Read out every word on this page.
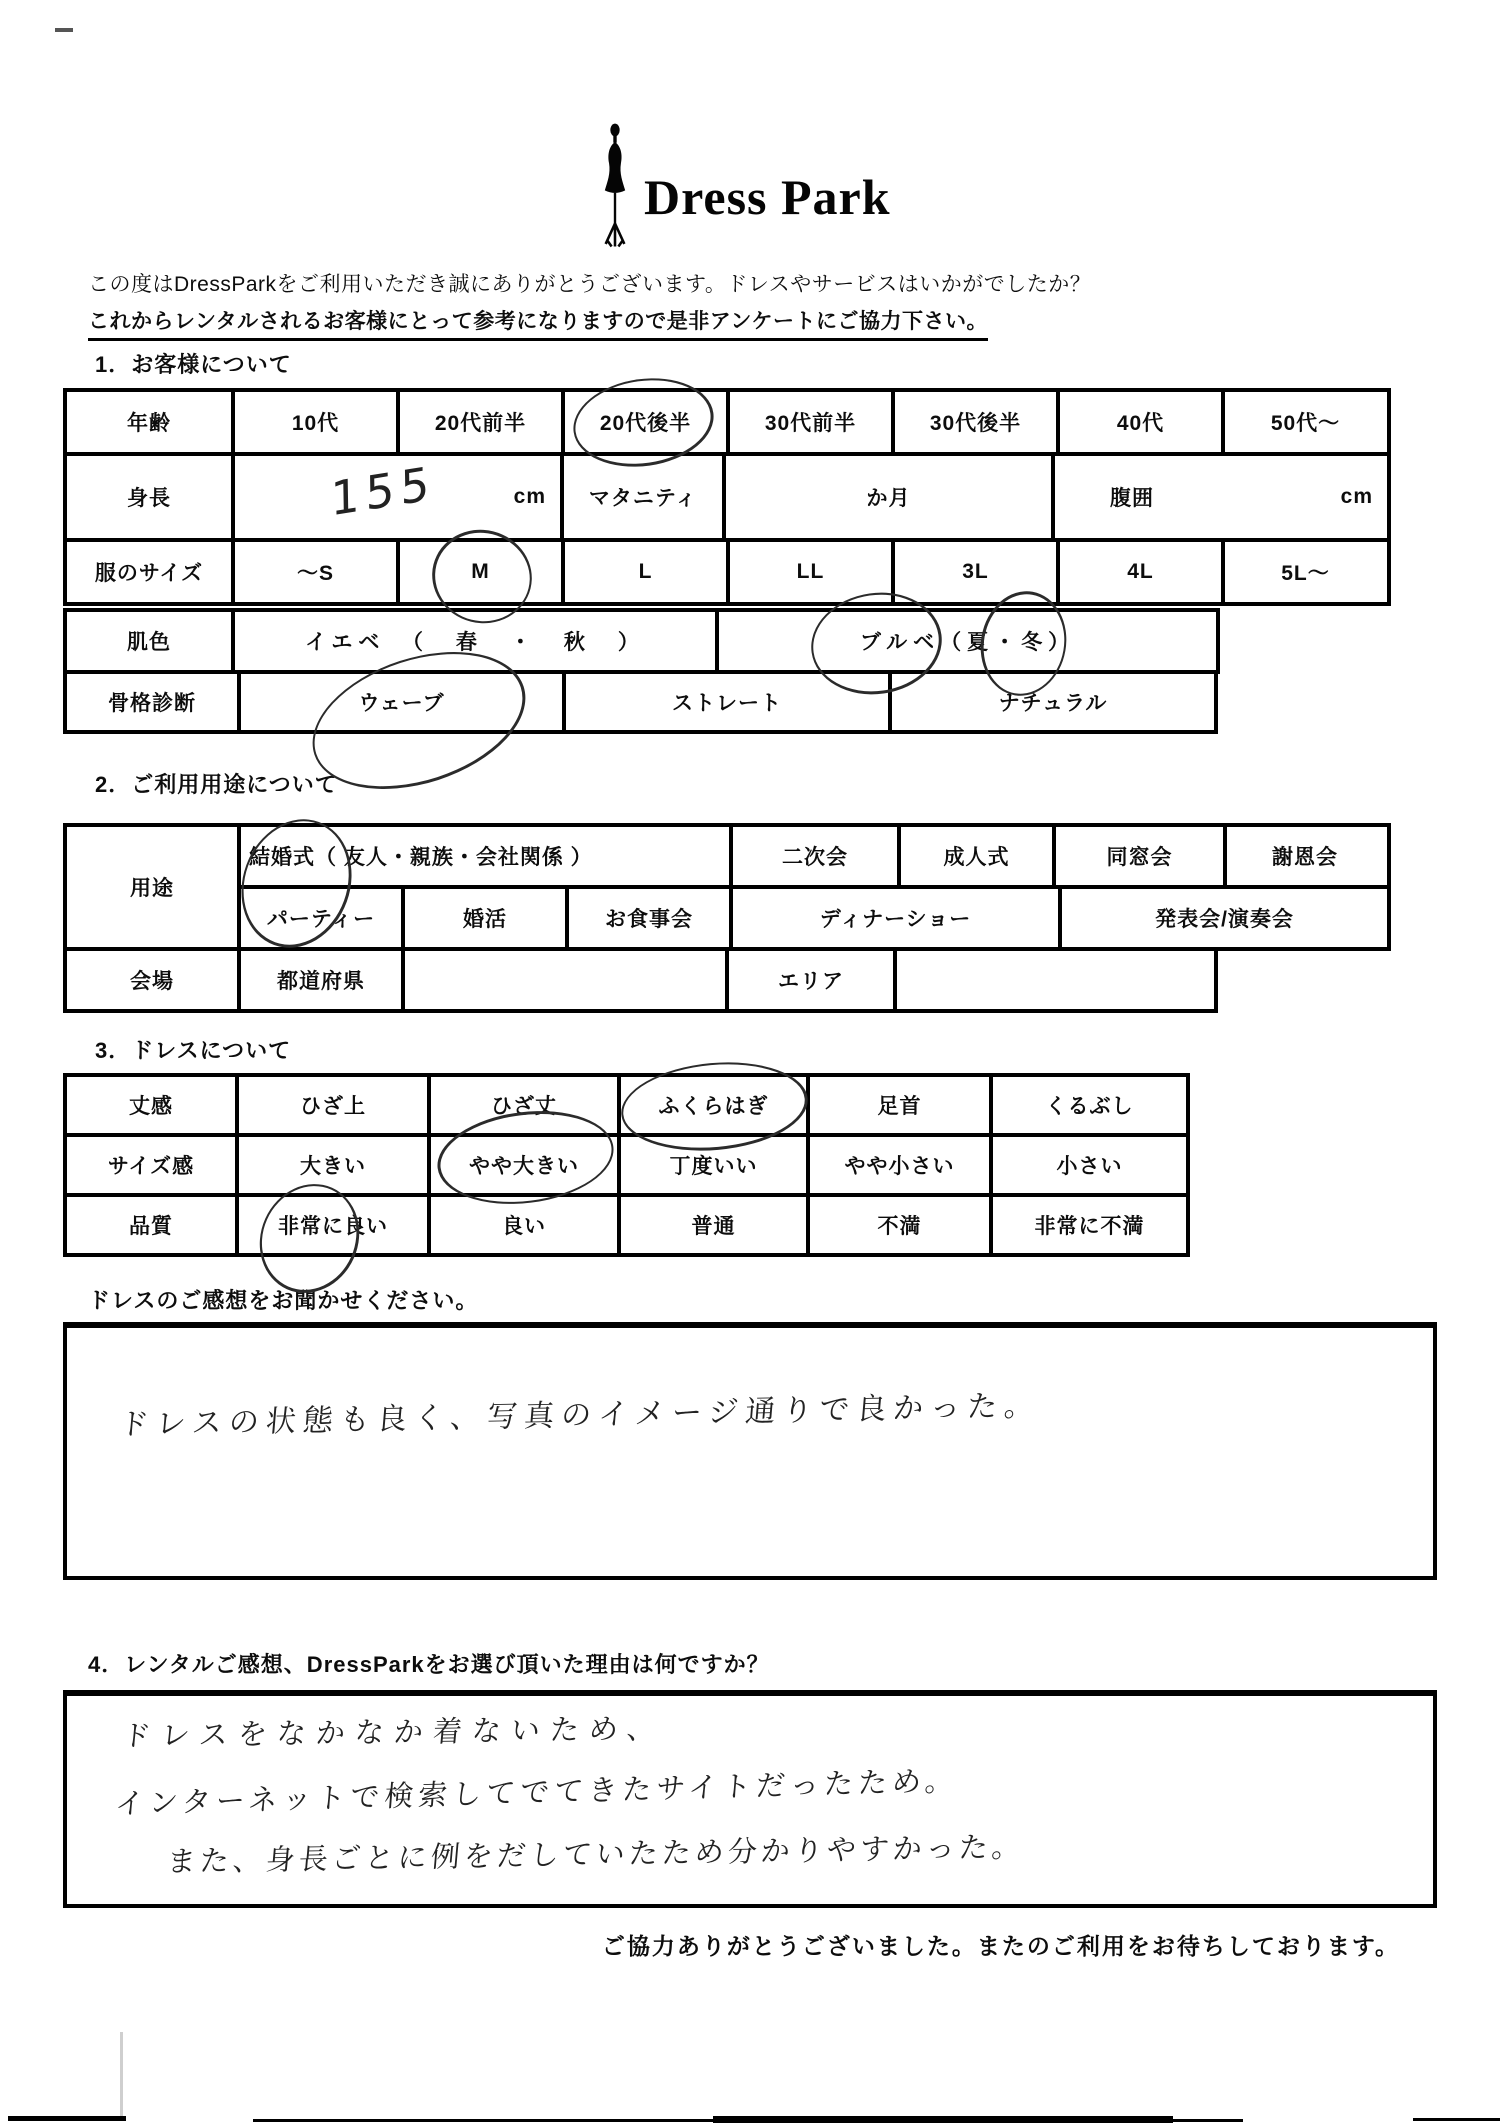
Dress Park
この度はDressParkをご利用いただき誠にありがとうございます。ドレスやサービスはいかがでしたか？
これからレンタルされるお客様にとって参考になりますので是非アンケートにご協力下さい。
1．お客様について
年齢	10代	20代前半	20代後半	30代前半	30代後半	40代	50代～
身長	155	cm	マタニティ	か月	腹囲	cm
服のサイズ	～S	M	L	LL	3L	4L	5L～
肌色	イエベ　（　春　・　秋　）	ブルベ （ 夏 ・ 冬 ）
骨格診断	ウェーブ	ストレート	ナチュラル
2．ご利用用途について
用途
結婚式 （ 友人・親族・会社関係 ）	二次会	成人式	同窓会	謝恩会
パーティー	婚活	お食事会	ディナーショー	発表会/演奏会
会場	都道府県	エリア
3．ドレスについて
丈感	ひざ上	ひざ丈	ふくらはぎ	足首	くるぶし
サイズ感	大きい	やや大きい	丁度いい	やや小さい	小さい
品質	非常に良い	良い	普通	不満	非常に不満
ドレスのご感想をお聞かせください。
ドレスの状態も良く、写真のイメージ通りで良かった。
4．レンタルご感想、DressParkをお選び頂いた理由は何ですか？
ドレスをなかなか着ないため、
インターネットで検索してでてきたサイトだったため。
また、身長ごとに例をだしていたため分かりやすかった。
ご協力ありがとうございました。またのご利用をお待ちしております。
